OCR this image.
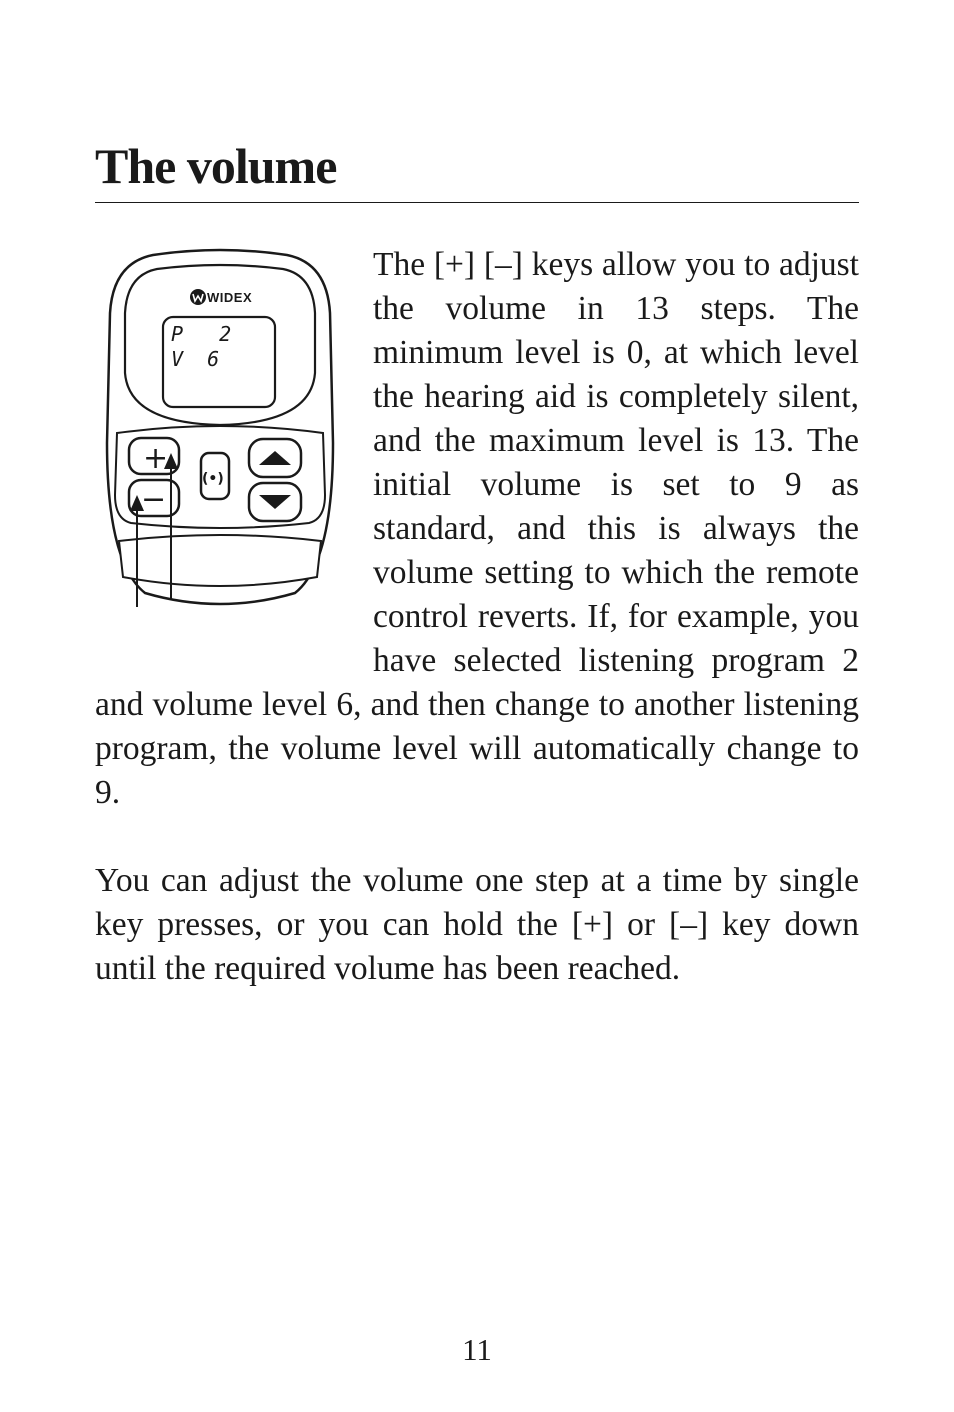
The volume
WIDEX
P   2
V  6
+
−
(•)

The [+] [–] keys allow you to adjust the volume in 13 steps. The minimum level is 0, at which level the hearing aid is completely silent, and the maximum level is 13. The initial volume is set to 9 as standard, and this is always the volume setting to which the remote control reverts. If, for example, you have selected listening program 2 and volume level 6, and then change to another listening program, the volume level will automatically change to 9.

You can adjust the volume one step at a time by single key presses, or you can hold the [+] or [–] key down until the required volume has been reached.

11
